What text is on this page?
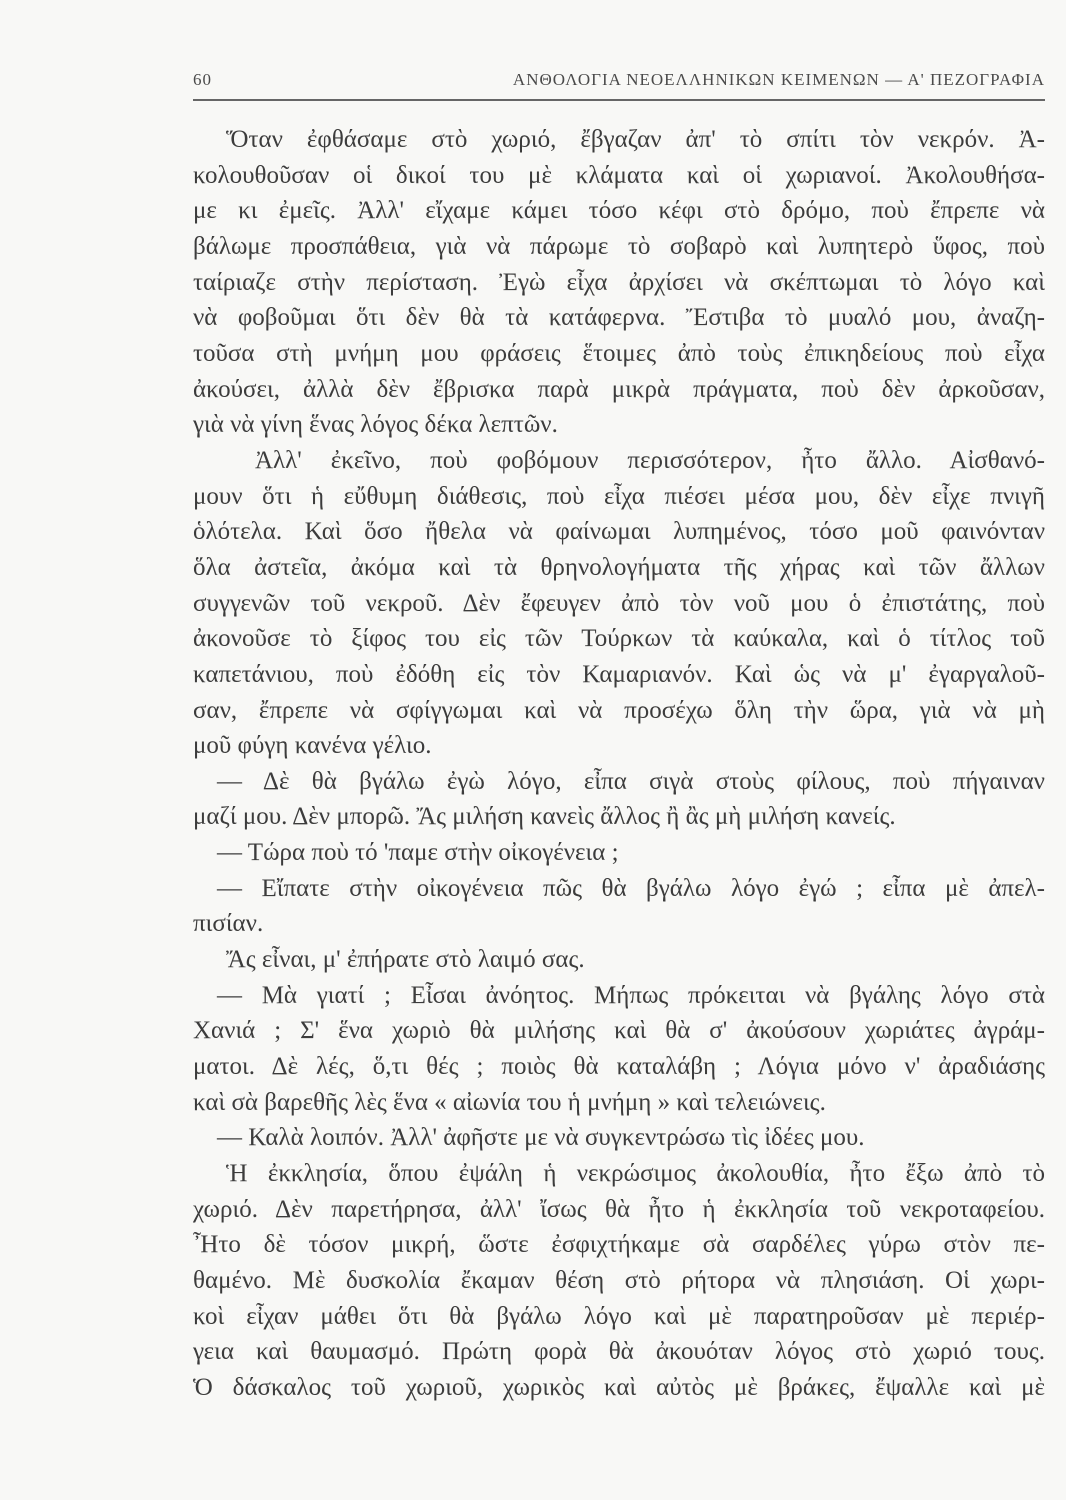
60	ΑΝΘΟΛΟΓΙΑ ΝΕΟΕΛΛΗΝΙΚΩΝ ΚΕΙΜΕΝΩΝ — Α' ΠΕΖΟΓΡΑΦΙΑ
Ὅταν ἐφθάσαμε στὸ χωριό, ἔβγαζαν ἀπ' τὸ σπίτι τὸν νεκρόν. Ἀ-
κολουθοῦσαν οἱ δικοί του μὲ κλάματα καὶ οἱ χωριανοί. Ἀκολουθήσα-
με κι ἐμεῖς. Ἀλλ' εἴχαμε κάμει τόσο κέφι στὸ δρόμο, ποὺ ἔπρεπε νὰ
βάλωμε προσπάθεια, γιὰ νὰ πάρωμε τὸ σοβαρὸ καὶ λυπητερὸ ὕφος, ποὺ
ταίριαζε στὴν περίσταση. Ἐγὼ εἶχα ἀρχίσει νὰ σκέπτωμαι τὸ λόγο καὶ
νὰ φοβοῦμαι ὅτι δὲν θὰ τὰ κατάφερνα. Ἔστιβα τὸ μυαλό μου, ἀναζη-
τοῦσα στὴ μνήμη μου φράσεις ἕτοιμες ἀπὸ τοὺς ἐπικηδείους ποὺ εἶχα
ἀκούσει, ἀλλὰ δὲν ἔβρισκα παρὰ μικρὰ πράγματα, ποὺ δὲν ἀρκοῦσαν,
γιὰ νὰ γίνη ἕνας λόγος δέκα λεπτῶν.
Ἀλλ' ἐκεῖνο, ποὺ φοβόμουν περισσότερον, ἦτο ἄλλο. Αἰσθανό-
μουν ὅτι ἡ εὔθυμη διάθεσις, ποὺ εἶχα πιέσει μέσα μου, δὲν εἶχε πνιγῆ
ὁλότελα. Καὶ ὅσο ἤθελα νὰ φαίνωμαι λυπημένος, τόσο μοῦ φαινόνταν
ὅλα ἀστεῖα, ἀκόμα καὶ τὰ θρηνολογήματα τῆς χήρας καὶ τῶν ἄλλων
συγγενῶν τοῦ νεκροῦ. Δὲν ἔφευγεν ἀπὸ τὸν νοῦ μου ὁ ἐπιστάτης, ποὺ
ἀκονοῦσε τὸ ξίφος του εἰς τῶν Τούρκων τὰ καύκαλα, καὶ ὁ τίτλος τοῦ
καπετάνιου, ποὺ ἐδόθη εἰς τὸν Καμαριανόν. Καὶ ὡς νὰ μ' ἐγαργαλοῦ-
σαν, ἔπρεπε νὰ σφίγγωμαι καὶ νὰ προσέχω ὅλη τὴν ὥρα, γιὰ νὰ μὴ
μοῦ φύγη κανένα γέλιο.
— Δὲ θὰ βγάλω ἐγὼ λόγο, εἶπα σιγὰ στοὺς φίλους, ποὺ πήγαιναν
μαζί μου. Δὲν μπορῶ. Ἄς μιλήση κανεὶς ἄλλος ἢ ἂς μὴ μιλήση κανείς.
— Τώρα ποὺ τό 'παμε στὴν οἰκογένεια ;
— Εἴπατε στὴν οἰκογένεια πῶς θὰ βγάλω λόγο ἐγώ ; εἶπα μὲ ἀπελ-
πισίαν.
Ἄς εἶναι, μ' ἐπήρατε στὸ λαιμό σας.
— Μὰ γιατί ; Εἶσαι ἀνόητος. Μήπως πρόκειται νὰ βγάλης λόγο στὰ
Χανιά ; Σ' ἕνα χωριὸ θὰ μιλήσης καὶ θὰ σ' ἀκούσουν χωριάτες ἀγράμ-
ματοι. Δὲ λές, ὅ,τι θές ; ποιὸς θὰ καταλάβη ; Λόγια μόνο ν' ἀραδιάσης
καὶ σὰ βαρεθῆς λὲς ἕνα « αἰωνία του ἡ μνήμη » καὶ τελειώνεις.
— Καλὰ λοιπόν. Ἀλλ' ἀφῆστε με νὰ συγκεντρώσω τὶς ἰδέες μου.
Ἡ ἐκκλησία, ὅπου ἐψάλη ἡ νεκρώσιμος ἀκολουθία, ἦτο ἔξω ἀπὸ τὸ
χωριό. Δὲν παρετήρησα, ἀλλ' ἴσως θὰ ἦτο ἡ ἐκκλησία τοῦ νεκροταφείου.
Ἦτο δὲ τόσον μικρή, ὥστε ἐσφιχτήκαμε σὰ σαρδέλες γύρω στὸν πε-
θαμένο. Μὲ δυσκολία ἔκαμαν θέση στὸ ρήτορα νὰ πλησιάση. Οἱ χωρι-
κοὶ εἶχαν μάθει ὅτι θὰ βγάλω λόγο καὶ μὲ παρατηροῦσαν μὲ περιέρ-
γεια καὶ θαυμασμό. Πρώτη φορὰ θὰ ἀκουόταν λόγος στὸ χωριό τους.
Ὁ δάσκαλος τοῦ χωριοῦ, χωρικὸς καὶ αὐτὸς μὲ βράκες, ἔψαλλε καὶ μὲ
